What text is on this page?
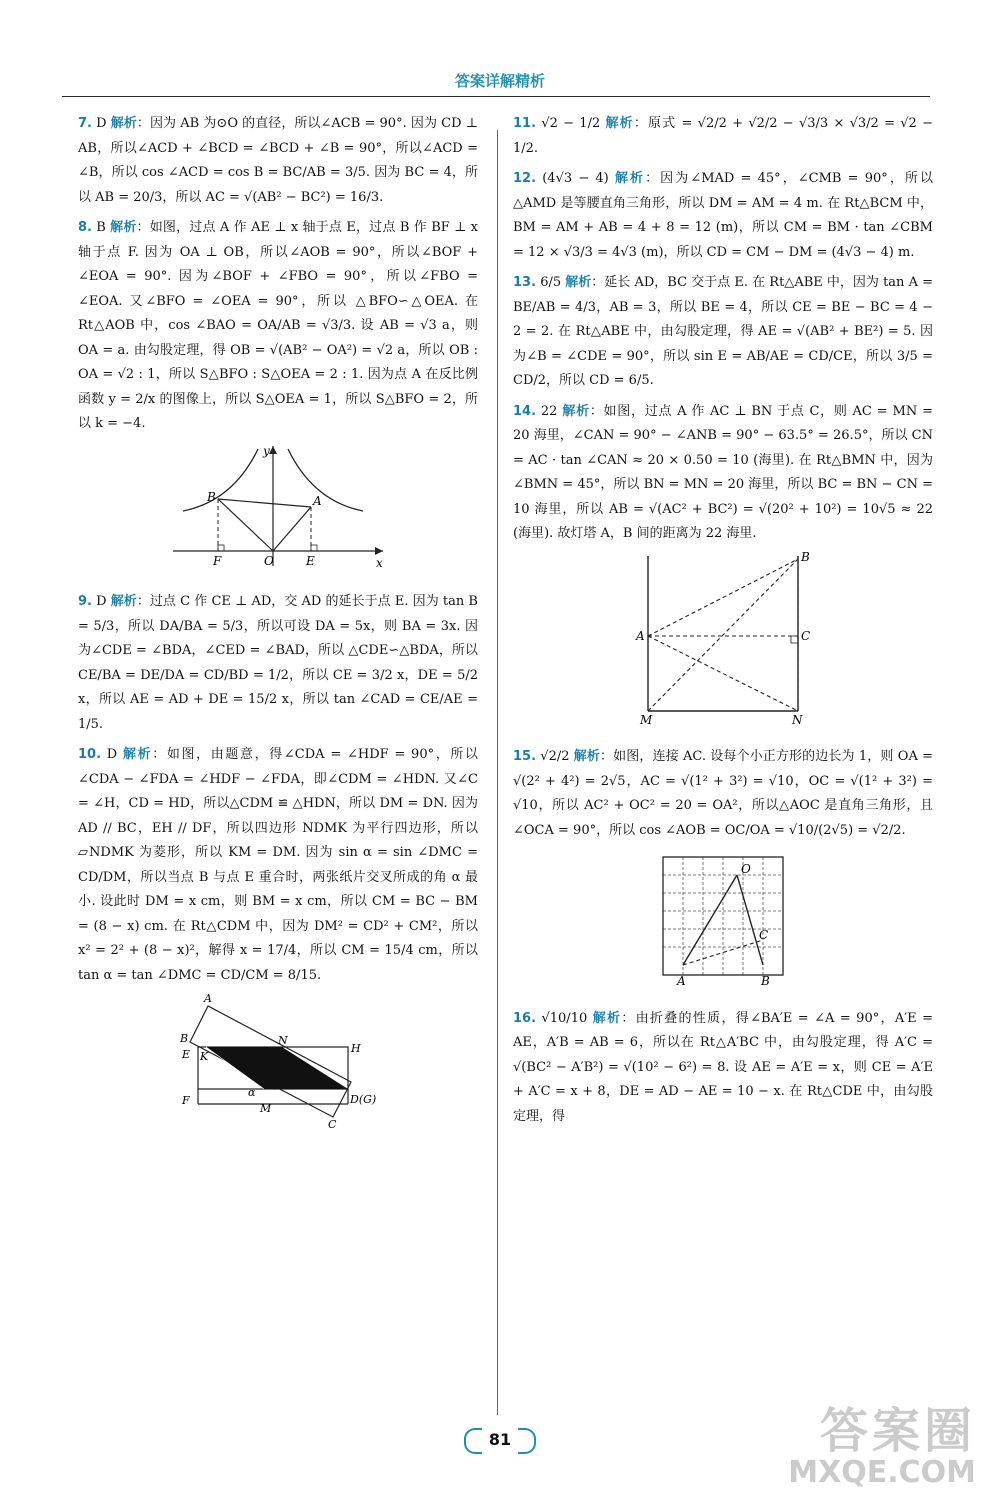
答案详解精析

7. D 解析：因为 AB 为⊙O 的直径，所以∠ACB = 90°. 因为 CD ⊥ AB，所以∠ACD + ∠BCD = ∠BCD + ∠B = 90°，所以∠ACD = ∠B，所以 cos ∠ACD = cos B = BC/AB = 3/5. 因为 BC = 4，所以 AB = 20/3，所以 AC = √(AB² − BC²) = 16/3.

8. B 解析：如图，过点 A 作 AE ⊥ x 轴于点 E，过点 B 作 BF ⊥ x 轴于点 F. 因为 OA ⊥ OB，所以∠AOB = 90°，所以∠BOF + ∠EOA = 90°. 因为∠BOF + ∠FBO = 90°，所以∠FBO = ∠EOA. 又∠BFO = ∠OEA = 90°，所以 △BFO∽△OEA. 在 Rt△AOB 中，cos ∠BAO = OA/AB = √3/3. 设 AB = √3 a，则 OA = a. 由勾股定理，得 OB = √(AB² − OA²) = √2 a，所以 OB : OA = √2 : 1，所以 S△BFO : S△OEA = 2 : 1. 因为点 A 在反比例函数 y = 2/x 的图像上，所以 S△OEA = 1，所以 S△BFO = 2，所以 k = −4.

y
x
B	A
F	O	E

9. D 解析：过点 C 作 CE ⊥ AD，交 AD 的延长于点 E. 因为 tan B = 5/3，所以 DA/BA = 5/3，所以可设 DA = 5x，则 BA = 3x. 因为∠CDE = ∠BDA，∠CED = ∠BAD，所以 △CDE∽△BDA，所以 CE/BA = DE/DA = CD/BD = 1/2，所以 CE = 3/2 x，DE = 5/2 x，所以 AE = AD + DE = 15/2 x，所以 tan ∠CAD = CE/AE = 1/5.

10. D 解析：如图，由题意，得∠CDA = ∠HDF = 90°，所以∠CDA − ∠FDA = ∠HDF − ∠FDA，即∠CDM = ∠HDN. 又∠C = ∠H，CD = HD，所以△CDM ≌ △HDN，所以 DM = DN. 因为 AD // BC，EH // DF，所以四边形 NDMK 为平行四边形，所以▱NDMK 为菱形，所以 KM = DM. 因为 sin α = sin ∠DMC = CD/DM，所以当点 B 与点 E 重合时，两张纸片交叉所成的角 α 最小. 设此时 DM = x cm，则 BM = x cm，所以 CM = BC − BM = (8 − x) cm. 在 Rt△CDM 中，因为 DM² = CD² + CM²，所以 x² = 2² + (8 − x)²，解得 x = 17/4，所以 CM = 15/4 cm，所以 tan α = tan ∠DMC = CD/CM = 8/15.

A
B
E K
N
H
F
α
M
D(G)
C

11. √2 − 1/2 解析：原式 = √2/2 + √2/2 − √3/3 × √3/2 = √2 − 1/2.

12. (4√3 − 4) 解析：因为∠MAD = 45°，∠CMB = 90°，所以△AMD 是等腰直角三角形，所以 DM = AM = 4 m. 在 Rt△BCM 中，BM = AM + AB = 4 + 8 = 12 (m)，所以 CM = BM · tan ∠CBM = 12 × √3/3 = 4√3 (m)，所以 CD = CM − DM = (4√3 − 4) m.

13. 6/5 解析：延长 AD，BC 交于点 E. 在 Rt△ABE 中，因为 tan A = BE/AB = 4/3，AB = 3，所以 BE = 4，所以 CE = BE − BC = 4 − 2 = 2. 在 Rt△ABE 中，由勾股定理，得 AE = √(AB² + BE²) = 5. 因为∠B = ∠CDE = 90°，所以 sin E = AB/AE = CD/CE，所以 3/5 = CD/2，所以 CD = 6/5.

14. 22 解析：如图，过点 A 作 AC ⊥ BN 于点 C，则 AC = MN = 20 海里，∠CAN = 90° − ∠ANB = 90° − 63.5° = 26.5°，所以 CN = AC · tan ∠CAN ≈ 20 × 0.50 = 10 (海里). 在 Rt△BMN 中，因为∠BMN = 45°，所以 BN = MN = 20 海里，所以 BC = BN − CN = 10 海里，所以 AB = √(AC² + BC²) = √(20² + 10²) = 10√5 ≈ 22 (海里). 故灯塔 A，B 间的距离为 22 海里.

A
B
C
M	N

15. √2/2 解析：如图，连接 AC. 设每个小正方形的边长为 1，则 OA = √(2² + 4²) = 2√5，AC = √(1² + 3²) = √10，OC = √(1² + 3²) = √10，所以 AC² + OC² = 20 = OA²，所以△AOC 是直角三角形，且∠OCA = 90°，所以 cos ∠AOB = OC/OA = √10/(2√5) = √2/2.

O
C
A	B

16. √10/10 解析：由折叠的性质，得∠BA′E = ∠A = 90°，A′E = AE，A′B = AB = 6，所以在 Rt△A′BC 中，由勾股定理，得 A′C = √(BC² − A′B²) = √(10² − 6²) = 8. 设 AE = A′E = x，则 CE = A′E + A′C = x + 8，DE = AD − AE = 10 − x. 在 Rt△CDE 中，由勾股定理，得

81	答案圈
MXQE.COM
